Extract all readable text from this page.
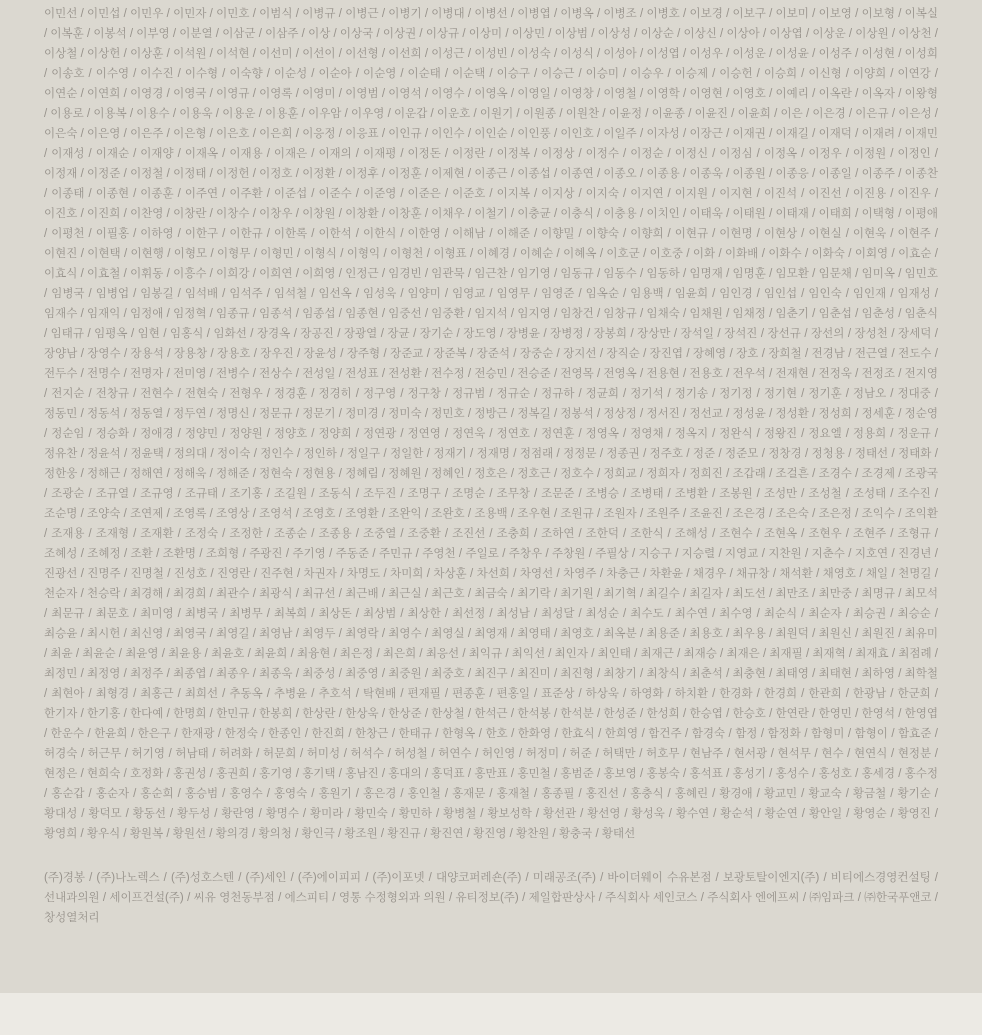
이민선 / 이민섭 / 이민우 / 이민자 / 이민호 / 이범식 / 이병규 / 이병근 / 이병기 / 이병대 / 이병선 / 이병엽 / 이병옥 / 이병조 / 이병호 / 이보경 / 이보구 / 이보미 / 이보영 / 이보형 / 이복실 / 이복훈 / 이봉석 / 이부영 / 이분열 / 이삼군 / 이삼주 / 이상 / 이상국 / 이상권 / 이상규 / 이상미 / 이상민 / 이상범 / 이상성 / 이상순 / 이상신 / 이상아 / 이상엽 / 이상운 / 이상원 / 이상천 / 이상철 / 이상헌 / 이상훈 / 이석원 / 이석현 / 이선미 / 이선이 / 이선형 / 이선희 / 이성근 / 이성빈 / 이성숙 / 이성식 / 이성아 / 이성엽 / 이성우 / 이성운 / 이성윤 / 이성주 / 이성현 / 이성희 / 이송호 / 이수영 / 이수진 / 이수형 / 이숙향 / 이순성 / 이순아 / 이순영 / 이순태 / 이순택 / 이승구 / 이승근 / 이승미 / 이승우 / 이승제 / 이승헌 / 이승희 / 이신형 / 이양희 / 이연강 / 이연순 / 이연희 / 이영경 / 이영국 / 이영규 / 이영록 / 이영미 / 이영범 / 이영석 / 이영수 / 이영옥 / 이영일 / 이영창 / 이영철 / 이영학 / 이영현 / 이영호 / 이예리 / 이옥란 / 이옥자 / 이왕형 / 이용로 / 이용복 / 이용수 / 이용욱 / 이용운 / 이용훈 / 이우암 / 이우영 / 이운갑 / 이운호 / 이원기 / 이원종 / 이원찬 / 이윤정 / 이윤종 / 이윤진 / 이윤희 / 이은 / 이은경 / 이은규 / 이은성 / 이은숙 / 이은영 / 이은주 / 이은형 / 이은호 / 이은희 / 이응정 / 이응표 / 이인규 / 이인수 / 이인순 / 이인풍 / 이인호 / 이일주 / 이자성 / 이장근 / 이재권 / 이재길 / 이재덕 / 이재려 / 이재민 / 이재성 / 이재순 / 이재양 / 이재옥 / 이재용 / 이재은 / 이재의 / 이재평 / 이정돈 / 이정란 / 이정복 / 이정상 / 이정수 / 이정순 / 이정신 / 이정심 / 이정옥 / 이정우 / 이정원 / 이정인 / 이정재 / 이정준 / 이정철 / 이정태 / 이정헌 / 이정호 / 이정환 / 이정후 / 이정훈 / 이제현 / 이종근 / 이종섭 / 이종연 / 이종오 / 이종용 / 이종욱 / 이종원 / 이종응 / 이종일 / 이종주 / 이종찬 / 이종태 / 이종현 / 이종훈 / 이주연 / 이주환 / 이준섭 / 이준수 / 이준영 / 이준은 / 이준호 / 이지복 / 이지상 / 이지숙 / 이지연 / 이지원 / 이지현 / 이진석 / 이진선 / 이진용 / 이진우 / 이진호 / 이진희 / 이찬영 / 이창란 / 이창수 / 이창우 / 이창원 / 이창환 / 이창훈 / 이채우 / 이철기 / 이충균 / 이충식 / 이충용 / 이치인 / 이태욱 / 이태원 / 이태재 / 이태희 / 이택형 / 이평애 / 이평천 / 이필홍 / 이하영 / 이한구 / 이한규 / 이한록 / 이한석 / 이한식 / 이한영 / 이해남 / 이해준 / 이향밀 / 이향숙 / 이향희 / 이현규 / 이현명 / 이현상 / 이현실 / 이현욱 / 이현주 / 이현진 / 이현택 / 이현행 / 이형모 / 이형무 / 이형민 / 이형식 / 이형익 / 이형천 / 이형표 / 이혜경 / 이혜순 / 이혜옥 / 이호군 / 이호중 / 이화 / 이화배 / 이화수 / 이화숙 / 이회영 / 이효순 / 이효식 / 이효철 / 이휘동 / 이흥수 / 이희강 / 이희연 / 이희영 / 인정근 / 임경빈 / 임관묵 / 임근찬 / 임기영 / 임동규 / 임동수 / 임동하 / 임명재 / 임명훈 / 임모환 / 임문채 / 임미옥 / 임민호 / 임병국 / 임병업 / 임봉길 / 임석배 / 임석주 / 임석철 / 임선옥 / 임성욱 / 임양미 / 임영교 / 임영무 / 임영준 / 임옥순 / 임용백 / 임윤희 / 임인경 / 임인섭 / 임인숙 / 임인재 / 임재성 / 임재수 / 임재익 / 임정애 / 임정혁 / 임종규 / 임종석 / 임종섭 / 임종현 / 임중선 / 임중환 / 임지석 / 임지영 / 임창건 / 임창규 / 임채숙 / 임채원 / 임채정 / 임춘기 / 임춘섭 / 임춘성 / 임춘식 / 임태규 / 임평옥 / 임현 / 임홍식 / 임화선 / 장경옥 / 장공진 / 장광열 / 장균 / 장기순 / 장도영 / 장병윤 / 장병정 / 장봉희 / 장상만 / 장석일 / 장석진 / 장선규 / 장선의 / 장성천 / 장세덕 / 장양남 / 장영수 / 장용석 / 장용창 / 장용호 / 장우진 / 장윤성 / 장주형 / 장준교 / 장준복 / 장준석 / 장중순 / 장지선 / 장직순 / 장진엽 / 장혜영 / 장호 / 장희철 / 전경남 / 전근열 / 전도수 / 전두수 / 전명수 / 전명자 / 전미영 / 전병수 / 전상수 / 전성일 / 전성표 / 전성환 / 전수정 / 전승민 / 전승준 / 전영목 / 전영옥 / 전용현 / 전용호 / 전우석 / 전재현 / 전정욱 / 전정조 / 전지영 / 전지순 / 전창규 / 전현수 / 전현숙 / 전형우 / 정경훈 / 정경히 / 정구영 / 정구창 / 정규범 / 정규순 / 정규하 / 정균희 / 정기석 / 정기송 / 정기정 / 정기현 / 정기훈 / 정남오 / 정대중 / 정동민 / 정동석 / 정동열 / 정두연 / 정명신 / 정문규 / 정문기 / 정미경 / 정미숙 / 정민호 / 정방근 / 정복길 / 정봉석 / 정상정 / 정서진 / 정선교 / 정성윤 / 정성환 / 정성희 / 정세훈 / 정순영 / 정순임 / 정승화 / 정애경 / 정양민 / 정양원 / 정양호 / 정양희 / 정연광 / 정연영 / 정연욱 / 정연호 / 정연훈 / 정영옥 / 정영채 / 정옥지 / 정완식 / 정왕진 / 정요엘 / 정용희 / 정운규 / 정유찬 / 정윤석 / 정윤택 / 정의대 / 정이숙 / 정인수 / 정인하 / 정일구 / 정일한 / 정재기 / 정재명 / 정점래 / 정정문 / 정종권 / 정주호 / 정준 / 정준모 / 정창경 / 정청용 / 정태선 / 정태화 / 정한웅 / 정해근 / 정해연 / 정해욱 / 정해준 / 정현숙 / 정현용 / 정혜림 / 정혜원 / 정혜인 / 정호은 / 정호근 / 정호수 / 정희교 / 정희자 / 정희진 / 조갑래 / 조걸흔 / 조경수 / 조경제 / 조광국 / 조광순 / 조규열 / 조규영 / 조규태 / 조기홍 / 조길원 / 조동식 / 조두진 / 조명구 / 조명순 / 조무창 / 조문준 / 조병승 / 조병태 / 조병환 / 조봉원 / 조성만 / 조성철 / 조성태 / 조수진 / 조순명 / 조양숙 / 조연제 / 조영록 / 조영상 / 조영석 / 조영호 / 조영환 / 조완익 / 조완호 / 조용백 / 조우현 / 조원규 / 조원자 / 조원주 / 조윤진 / 조은경 / 조은숙 / 조은정 / 조익수 / 조익환 / 조재용 / 조재형 / 조재환 / 조정숙 / 조정한 / 조종순 / 조종용 / 조중열 / 조중환 / 조진선 / 조충희 / 조하연 / 조한덕 / 조한식 / 조해성 / 조현수 / 조현옥 / 조현우 / 조현주 / 조형규 / 조혜성 / 조혜정 / 조환 / 조환명 / 조희형 / 주광진 / 주기영 / 주동준 / 주민규 / 주영천 / 주일로 / 주창우 / 주창원 / 주필상 / 지승구 / 지승렬 / 지영교 / 지찬원 / 지춘수 / 지호연 / 진경년 / 진광선 / 진명주 / 진명철 / 진성호 / 진영란 / 진주현 / 차권자 / 차명도 / 차미희 / 차상훈 / 차선희 / 차영선 / 차영주 / 차충근 / 차환윤 / 채경우 / 채규창 / 채석환 / 채영호 / 채일 / 천명길 / 천순자 / 천승락 / 최경해 / 최경희 / 최관수 / 최광식 / 최규선 / 최근배 / 최근실 / 최근호 / 최금숙 / 최기락 / 최기원 / 최기혁 / 최길수 / 최길자 / 최도선 / 최만조 / 최만중 / 최명규 / 최모석 / 최문규 / 최문호 / 최미영 / 최병국 / 최병무 / 최복희 / 최상돈 / 최상범 / 최상한 / 최선정 / 최성남 / 최성달 / 최성순 / 최수도 / 최수연 / 최수영 / 최순식 / 최순자 / 최승권 / 최승순 / 최승윤 / 최시헌 / 최신영 / 최영국 / 최영길 / 최영남 / 최영두 / 최영락 / 최영수 / 최영실 / 최영재 / 최영태 / 최영호 / 최옥분 / 최용준 / 최용호 / 최우용 / 최원덕 / 최원신 / 최원진 / 최유미 / 최윤 / 최윤순 / 최윤영 / 최윤용 / 최윤호 / 최윤희 / 최융현 / 최은정 / 최은희 / 최응선 / 최익규 / 최익선 / 최인자 / 최인태 / 최재근 / 최재승 / 최재은 / 최재필 / 최재혁 / 최재효 / 최점례 / 최정민 / 최정영 / 최정주 / 최종엽 / 최종우 / 최종욱 / 최중성 / 최중영 / 최중원 / 최중호 / 최진구 / 최진미 / 최진형 / 최창기 / 최창식 / 최춘석 / 최충현 / 최태영 / 최태현 / 최하영 / 최학철 / 최현아 / 최형경 / 최홍근 / 최희선 / 추동옥 / 추병윤 / 추호석 / 탁현배 / 편재필 / 편종훈 / 편홍일 / 표준상 / 하상욱 / 하영화 / 하치환 / 한경화 / 한경희 / 한관희 / 한광남 / 한군희 / 한기자 / 한기홍 / 한다예 / 한명희 / 한민규 / 한봉희 / 한상란 / 한상욱 / 한상준 / 한상철 / 한석근 / 한석봉 / 한석분 / 한성준 / 한성희 / 한승엽 / 한승호 / 한연란 / 한영민 / 한영석 / 한영엽 / 한운수 / 한윤희 / 한은구 / 한재광 / 한정숙 / 한종인 / 한진희 / 한창근 / 한태규 / 한형옥 / 한호 / 한화영 / 한효식 / 한희영 / 함건주 / 함경숙 / 함정 / 함정화 / 함형미 / 함형이 / 함효준 / 허경숙 / 허근무 / 허기영 / 허남태 / 허려화 / 허문희 / 허미성 / 허석수 / 허성철 / 허연수 / 허인영 / 허정미 / 허준 / 허택만 / 허호무 / 현남주 / 현서광 / 현석무 / 현수 / 현연식 / 현정분 / 현정은 / 현희숙 / 호정화 / 홍권성 / 홍권희 / 홍기영 / 홍기택 / 홍남진 / 홍대의 / 홍덕표 / 홍만표 / 홍민철 / 홍범준 / 홍보영 / 홍봉숙 / 홍석표 / 홍성기 / 홍성수 / 홍성호 / 홍세경 / 홍수정 / 홍순갑 / 홍순자 / 홍순희 / 홍승범 / 홍영수 / 홍영숙 / 홍원기 / 홍은경 / 홍인철 / 홍재문 / 홍재철 / 홍종필 / 홍진선 / 홍충식 / 홍혜린 / 황경애 / 황교민 / 황교숙 / 황금철 / 황기순 / 황대성 / 황덕모 / 황동선 / 황두성 / 황란영 / 황명수 / 황미라 / 황민숙 / 황민하 / 황병철 / 황보성학 / 황선관 / 황선영 / 황성욱 / 황수연 / 황순석 / 황순연 / 황안일 / 황영순 / 황영진 / 황영희 / 황우식 / 황원복 / 황원선 / 황의경 / 황의청 / 황인극 / 황조원 / 황진규 / 황진연 / 황진영 / 황찬원 / 황충국 / 황태선

(주)경봉 / (주)나노렉스 / (주)성호스텐 / (주)세인 / (주)에이피피 / (주)이포넷 / 대양코퍼레숀(주) / 미래공조(주) / 바이더웨이 수유본점 / 보광토탈이엔지(주) / 비티에스경영컨설팅 / 선내과의원 / 세이프건설(주) / 씨유 영천동부점 / 에스피티 / 영통 수정형외과 의원 / 유티정보(주) / 제일합판상사 / 주식회사 세인코스 / 주식회사 엔에프씨 / ㈜임파크 / ㈜한국푸앤코 / 창성열처리
